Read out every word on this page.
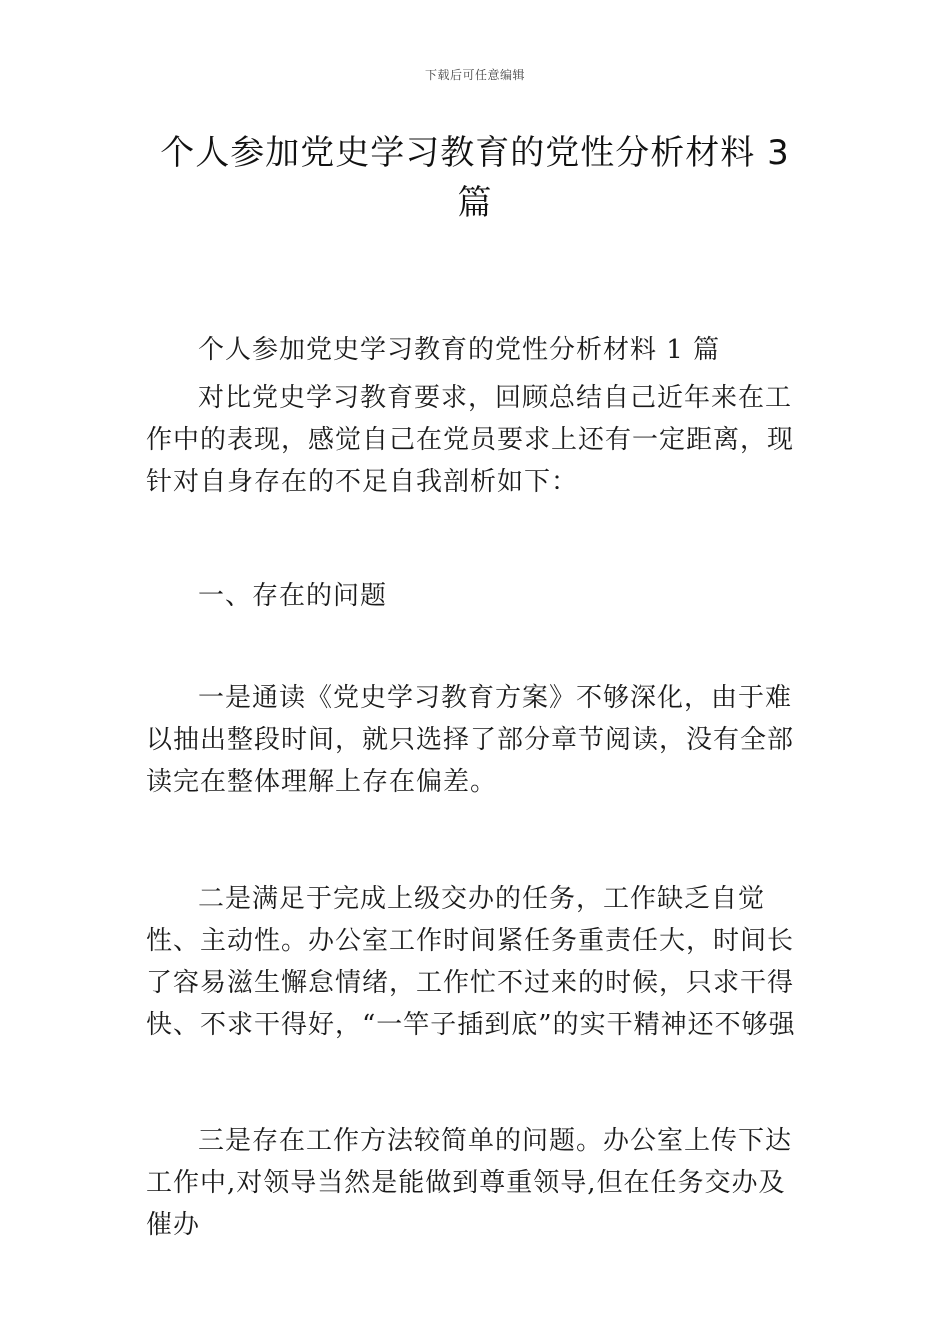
下载后可任意编辑
个人参加党史学习教育的党性分析材料 3 篇

个人参加党史学习教育的党性分析材料 1 篇

对比党史学习教育要求，回顾总结自己近年来在工作中的表现，感觉自己在党员要求上还有一定距离，现针对自身存在的不足自我剖析如下：

一、存在的问题

一是通读《党史学习教育方案》不够深化，由于难以抽出整段时间，就只选择了部分章节阅读，没有全部读完在整体理解上存在偏差。

二是满足于完成上级交办的任务，工作缺乏自觉性、主动性。办公室工作时间紧任务重责任大，时间长了容易滋生懈怠情绪，工作忙不过来的时候，只求干得快、不求干得好，“一竿子插到底”的实干精神还不够强

三是存在工作方法较简单的问题。办公室上传下达工作中,对领导当然是能做到尊重领导,但在任务交办及催办
